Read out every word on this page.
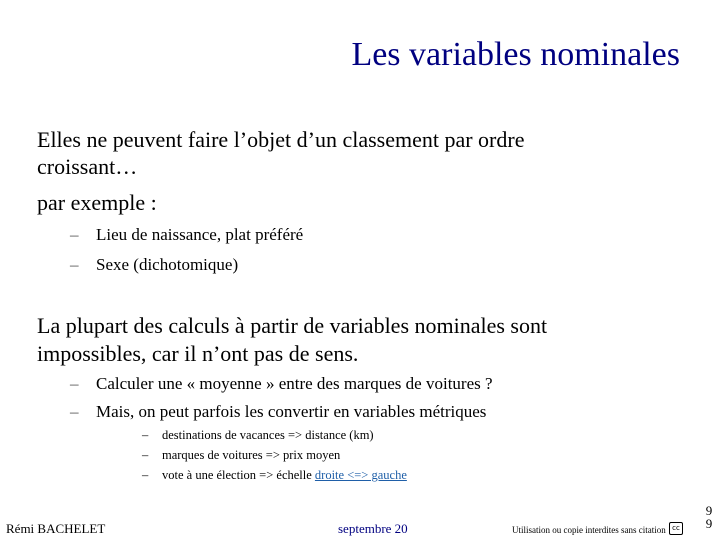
Les variables nominales
Elles ne peuvent faire l’objet d’un classement par ordre
croissant…
par exemple :
– Lieu de naissance, plat préféré
– Sexe (dichotomique)
La plupart des calculs à partir de variables nominales sont
impossibles, car il n’ont pas de sens.
– Calculer une « moyenne » entre des marques de voitures ?
– Mais, on peut parfois les convertir en variables métriques
– destinations de vacances => distance (km)
– marques de voitures => prix moyen
– vote à une élection => échelle droite <=> gauche
Rémi BACHELET	septembre 20	Utilisation ou copie interdites sans citation cc
9
9
